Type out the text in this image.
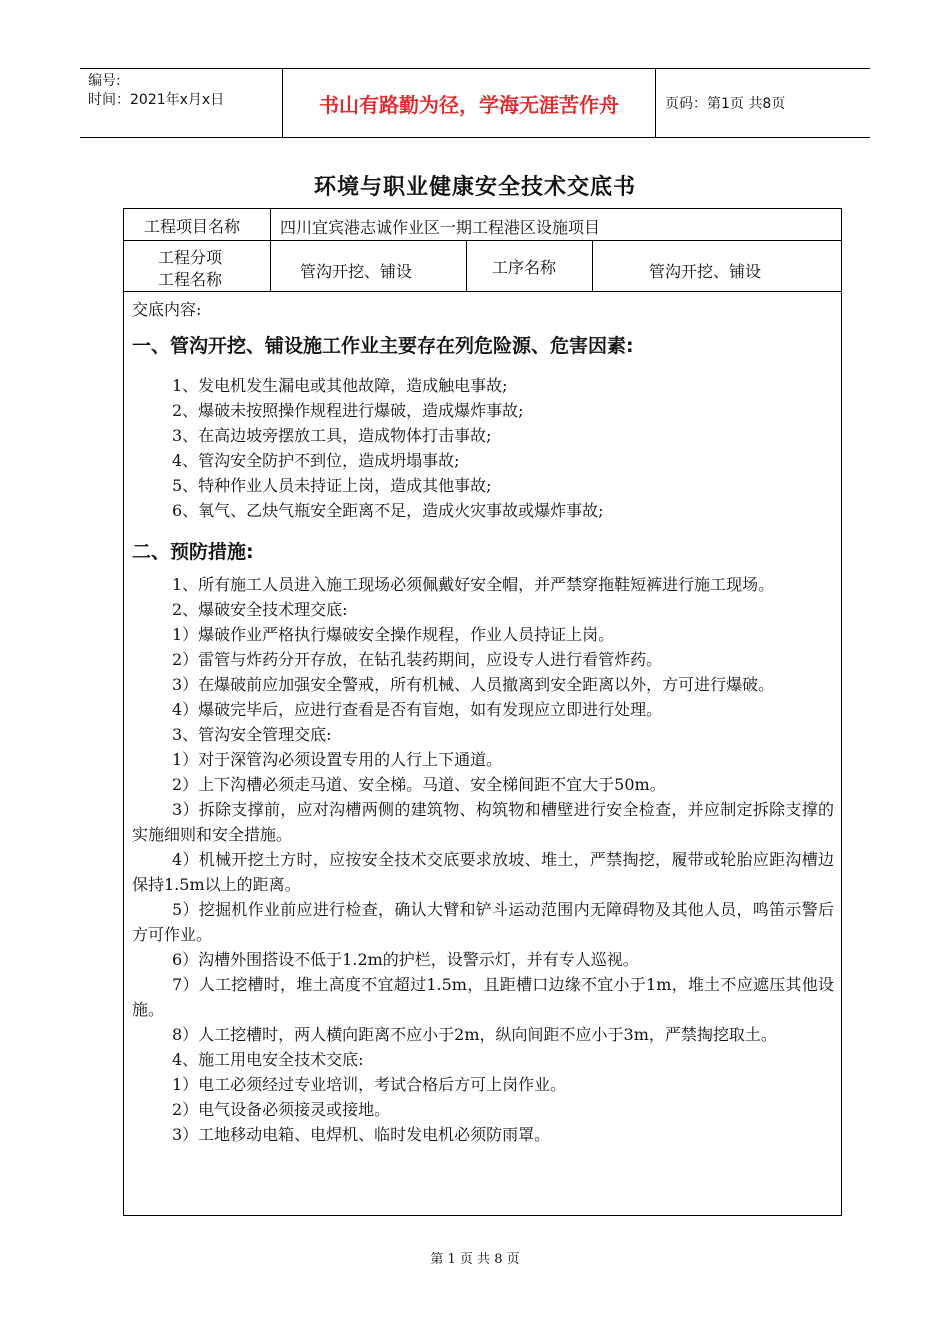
编号:
时间：2021年x月x日	书山有路勤为径，学海无涯苦作舟	页码：第1页 共8页
环境与职业健康安全技术交底书
工程项目名称 四川宜宾港志诚作业区一期工程港区设施项目
工程分项
工程名称	管沟开挖、铺设	工序名称	管沟开挖、铺设
交底内容:
一、管沟开挖、铺设施工作业主要存在列危险源、危害因素:
1、发电机发生漏电或其他故障，造成触电事故;
2、爆破未按照操作规程进行爆破，造成爆炸事故;
3、在高边坡旁摆放工具，造成物体打击事故;
4、管沟安全防护不到位，造成坍塌事故;
5、特种作业人员未持证上岗，造成其他事故;
6、氧气、乙炔气瓶安全距离不足，造成火灾事故或爆炸事故;
二、预防措施:
1、所有施工人员进入施工现场必须佩戴好安全帽，并严禁穿拖鞋短裤进行施工现场。
2、爆破安全技术理交底:
1）爆破作业严格执行爆破安全操作规程，作业人员持证上岗。
2）雷管与炸药分开存放，在钻孔装药期间，应设专人进行看管炸药。
3）在爆破前应加强安全警戒，所有机械、人员撤离到安全距离以外，方可进行爆破。
4）爆破完毕后，应进行查看是否有盲炮，如有发现应立即进行处理。
3、管沟安全管理交底:
1）对于深管沟必须设置专用的人行上下通道。
2）上下沟槽必须走马道、安全梯。马道、安全梯间距不宜大于50m。
3）拆除支撑前，应对沟槽两侧的建筑物、构筑物和槽壁进行安全检查，并应制定拆除支撑的实施细则和安全措施。
4）机械开挖土方时，应按安全技术交底要求放坡、堆土，严禁掏挖，履带或轮胎应距沟槽边保持1.5m以上的距离。
5）挖掘机作业前应进行检查，确认大臂和铲斗运动范围内无障碍物及其他人员，鸣笛示警后方可作业。
6）沟槽外围搭设不低于1.2m的护栏，设警示灯，并有专人巡视。
7）人工挖槽时，堆土高度不宜超过1.5m，且距槽口边缘不宜小于1m，堆土不应遮压其他设施。
8）人工挖槽时，两人横向距离不应小于2m，纵向间距不应小于3m，严禁掏挖取土。
4、施工用电安全技术交底:
1）电工必须经过专业培训，考试合格后方可上岗作业。
2）电气设备必须接灵或接地。
3）工地移动电箱、电焊机、临时发电机必须防雨罩。
第 1 页 共 8 页
